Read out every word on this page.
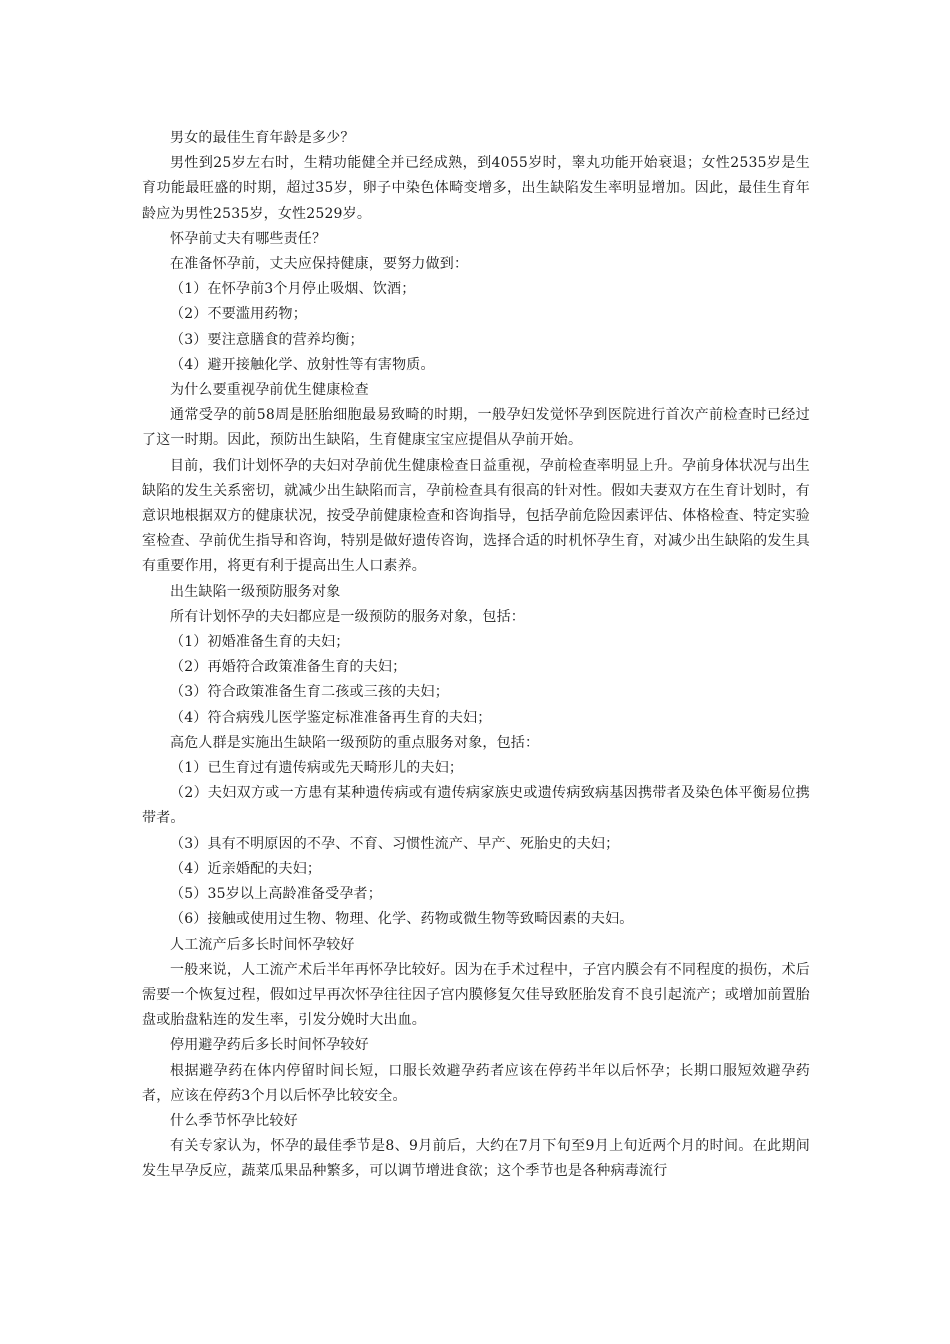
男女的最佳生育年龄是多少？

男性到25岁左右时，生精功能健全并已经成熟，到4055岁时，睾丸功能开始衰退；女性2535岁是生育功能最旺盛的时期，超过35岁，卵子中染色体畸变增多，出生缺陷发生率明显增加。因此，最佳生育年龄应为男性2535岁，女性2529岁。

怀孕前丈夫有哪些责任？

在准备怀孕前，丈夫应保持健康，要努力做到：

（1）在怀孕前3个月停止吸烟、饮酒；

（2）不要滥用药物；

（3）要注意膳食的营养均衡；

（4）避开接触化学、放射性等有害物质。

为什么要重视孕前优生健康检查

通常受孕的前58周是胚胎细胞最易致畸的时期，一般孕妇发觉怀孕到医院进行首次产前检查时已经过了这一时期。因此，预防出生缺陷，生育健康宝宝应提倡从孕前开始。

目前，我们计划怀孕的夫妇对孕前优生健康检查日益重视，孕前检查率明显上升。孕前身体状况与出生缺陷的发生关系密切，就减少出生缺陷而言，孕前检查具有很高的针对性。假如夫妻双方在生育计划时，有意识地根据双方的健康状况，按受孕前健康检查和咨询指导，包括孕前危险因素评估、体格检查、特定实验室检查、孕前优生指导和咨询，特别是做好遗传咨询，选择合适的时机怀孕生育，对减少出生缺陷的发生具有重要作用，将更有利于提高出生人口素养。

出生缺陷一级预防服务对象

所有计划怀孕的夫妇都应是一级预防的服务对象，包括：

（1）初婚准备生育的夫妇；

（2）再婚符合政策准备生育的夫妇；

（3）符合政策准备生育二孩或三孩的夫妇；

（4）符合病残儿医学鉴定标准准备再生育的夫妇；

高危人群是实施出生缺陷一级预防的重点服务对象，包括：

（1）已生育过有遗传病或先天畸形儿的夫妇；

（2）夫妇双方或一方患有某种遗传病或有遗传病家族史或遗传病致病基因携带者及染色体平衡易位携带者。

（3）具有不明原因的不孕、不育、习惯性流产、早产、死胎史的夫妇；

（4）近亲婚配的夫妇；

（5）35岁以上高龄准备受孕者；

（6）接触或使用过生物、物理、化学、药物或微生物等致畸因素的夫妇。

人工流产后多长时间怀孕较好

一般来说，人工流产术后半年再怀孕比较好。因为在手术过程中，子宫内膜会有不同程度的损伤，术后需要一个恢复过程，假如过早再次怀孕往往因子宫内膜修复欠佳导致胚胎发育不良引起流产；或增加前置胎盘或胎盘粘连的发生率，引发分娩时大出血。

停用避孕药后多长时间怀孕较好

根据避孕药在体内停留时间长短，口服长效避孕药者应该在停药半年以后怀孕；长期口服短效避孕药者，应该在停药3个月以后怀孕比较安全。

什么季节怀孕比较好

有关专家认为，怀孕的最佳季节是8、9月前后，大约在7月下旬至9月上旬近两个月的时间。在此期间发生早孕反应，蔬菜瓜果品种繁多，可以调节增进食欲；这个季节也是各种病毒流行
